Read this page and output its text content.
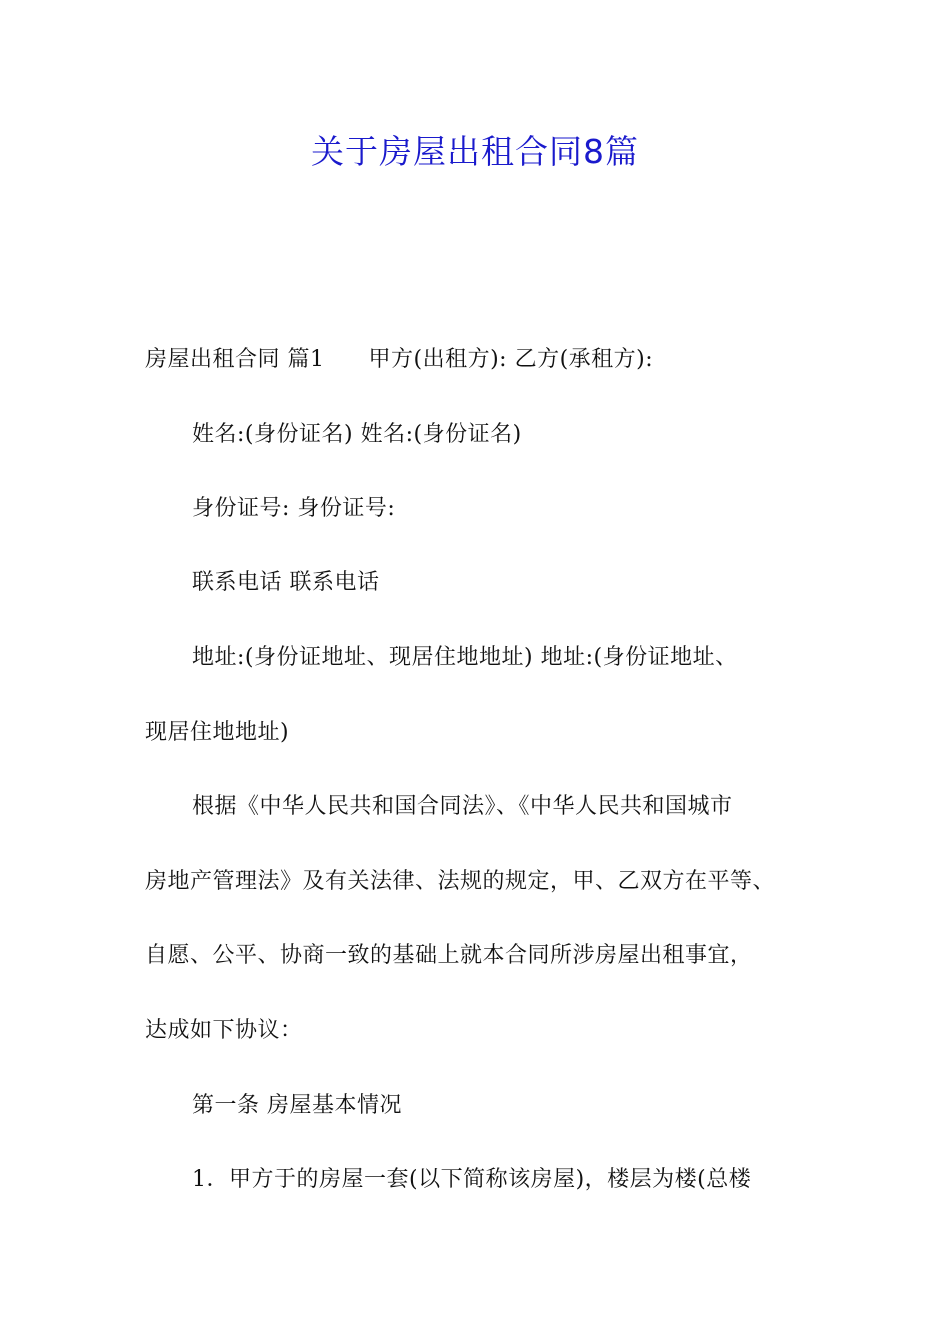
关于房屋出租合同8篇
房屋出租合同 篇1 甲方(出租方): 乙方(承租方):
姓名:(身份证名) 姓名:(身份证名)
身份证号: 身份证号:
联系电话 联系电话
地址:(身份证地址、现居住地地址) 地址:(身份证地址、
现居住地地址)
根据《中华人民共和国合同法》、《中华人民共和国城市
房地产管理法》及有关法律、法规的规定，甲、乙双方在平等、
自愿、公平、协商一致的基础上就本合同所涉房屋出租事宜，
达成如下协议：
第一条 房屋基本情况
1．甲方于的房屋一套(以下简称该房屋)，楼层为楼(总楼
